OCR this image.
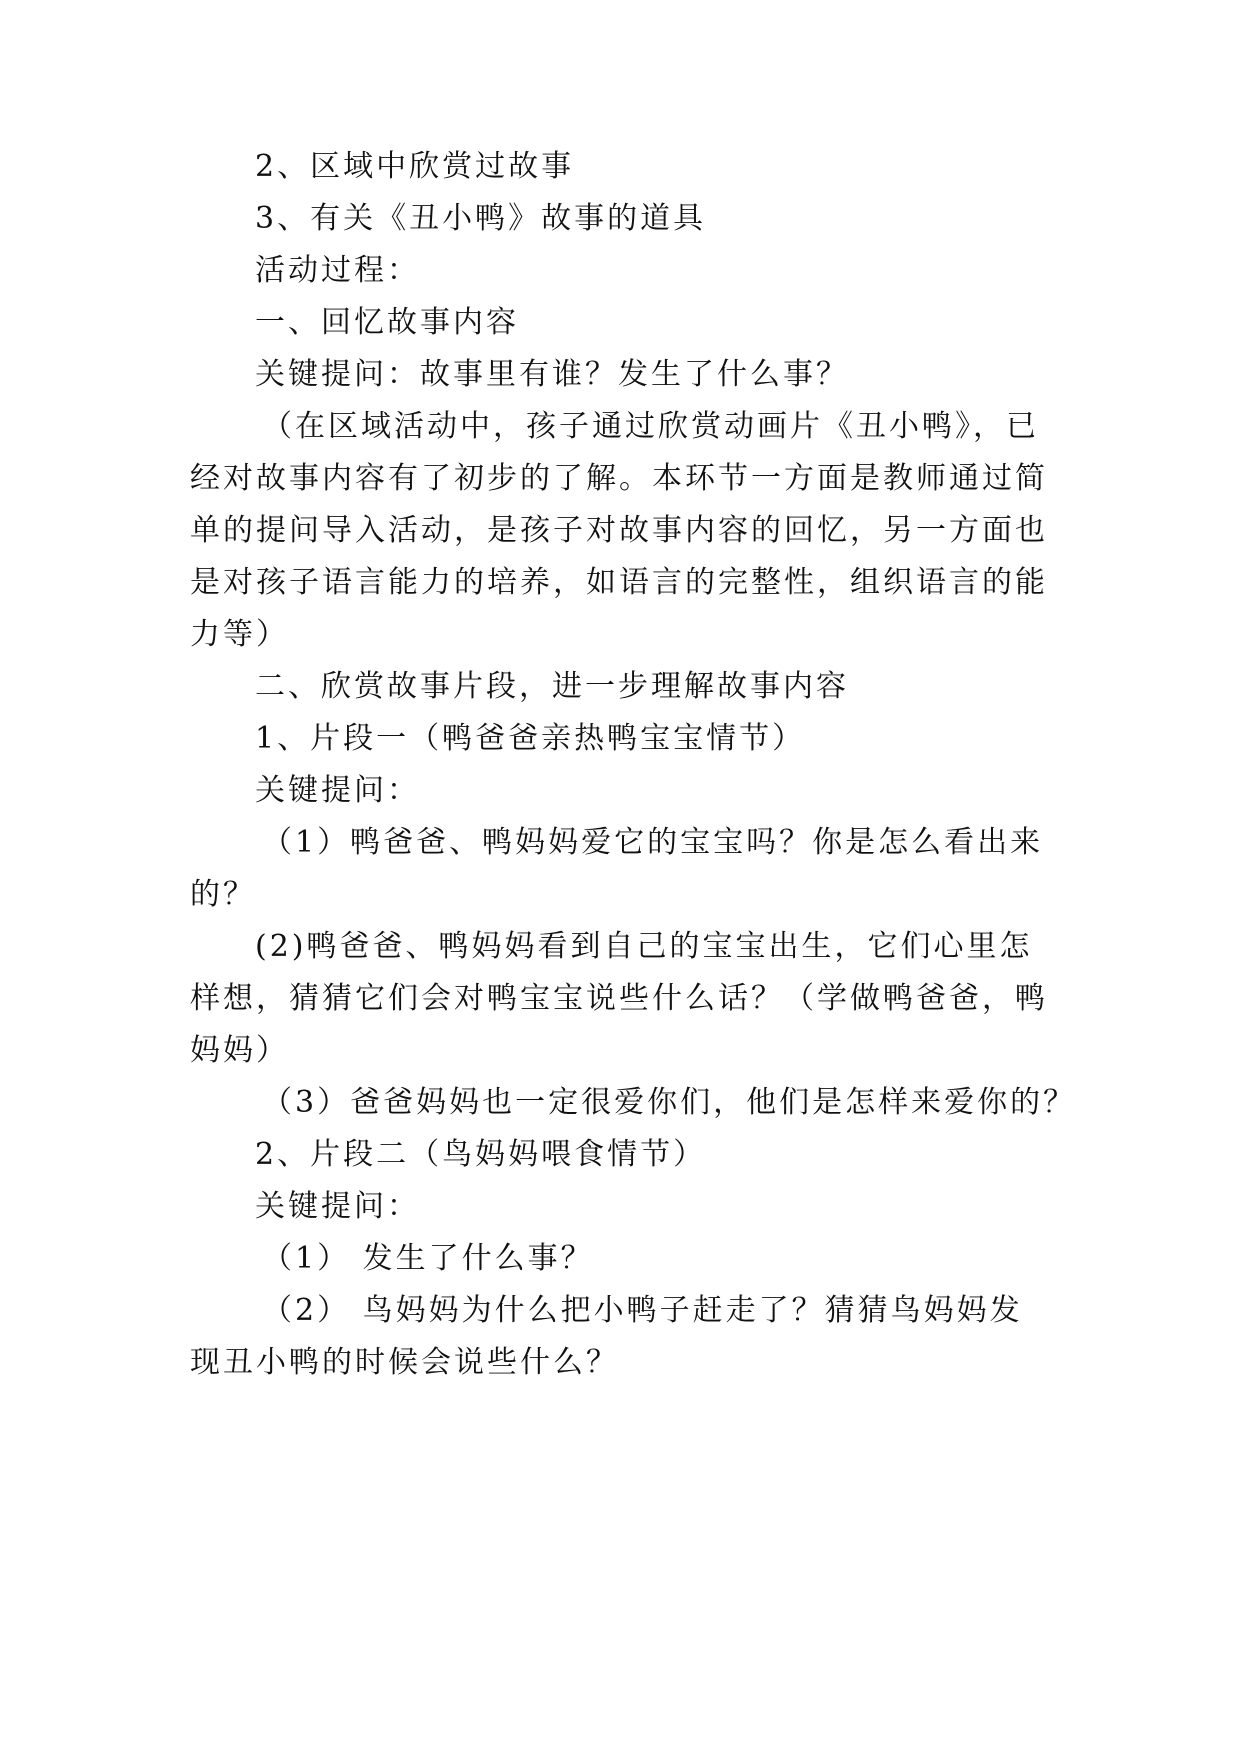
2、区域中欣赏过故事
3、有关《丑小鸭》故事的道具
活动过程：
一、回忆故事内容
关键提问：故事里有谁？发生了什么事？
（在区域活动中，孩子通过欣赏动画片《丑小鸭》，已
经对故事内容有了初步的了解。本环节一方面是教师通过简
单的提问导入活动，是孩子对故事内容的回忆，另一方面也
是对孩子语言能力的培养，如语言的完整性，组织语言的能
力等）
二、欣赏故事片段，进一步理解故事内容
1、片段一（鸭爸爸亲热鸭宝宝情节）
关键提问：
（1）鸭爸爸、鸭妈妈爱它的宝宝吗？你是怎么看出来
的？
(2)鸭爸爸、鸭妈妈看到自己的宝宝出生，它们心里怎
样想，猜猜它们会对鸭宝宝说些什么话？（学做鸭爸爸，鸭
妈妈）
（3）爸爸妈妈也一定很爱你们，他们是怎样来爱你的？
2、片段二（鸟妈妈喂食情节）
关键提问：
（1） 发生了什么事？
（2） 鸟妈妈为什么把小鸭子赶走了？猜猜鸟妈妈发
现丑小鸭的时候会说些什么？
